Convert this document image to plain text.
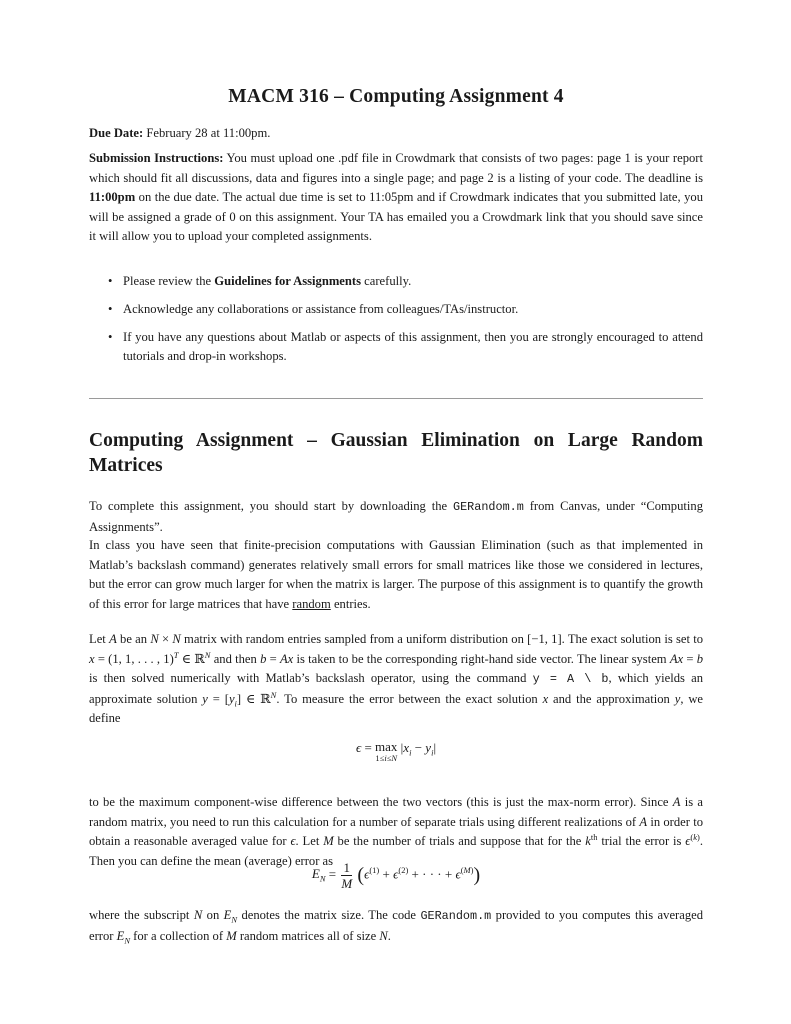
MACM 316 – Computing Assignment 4
Due Date: February 28 at 11:00pm.
Submission Instructions: You must upload one .pdf file in Crowdmark that consists of two pages: page 1 is your report which should fit all discussions, data and figures into a single page; and page 2 is a listing of your code. The deadline is 11:00pm on the due date. The actual due time is set to 11:05pm and if Crowdmark indicates that you submitted late, you will be assigned a grade of 0 on this assignment. Your TA has emailed you a Crowdmark link that you should save since it will allow you to upload your completed assignments.
• Please review the Guidelines for Assignments carefully.
• Acknowledge any collaborations or assistance from colleagues/TAs/instructor.
• If you have any questions about Matlab or aspects of this assignment, then you are strongly encouraged to attend tutorials and drop-in workshops.
Computing Assignment – Gaussian Elimination on Large Random Matrices
To complete this assignment, you should start by downloading the GERandom.m from Canvas, under “Computing Assignments”.
In class you have seen that finite-precision computations with Gaussian Elimination (such as that implemented in Matlab’s backslash command) generates relatively small errors for small matrices like those we considered in lectures, but the error can grow much larger for when the matrix is larger. The purpose of this assignment is to quantify the growth of this error for large matrices that have random entries.
Let A be an N × N matrix with random entries sampled from a uniform distribution on [−1, 1]. The exact solution is set to x = (1, 1, . . . , 1)$^T$ ∈ ℝ$^N$ and then b = Ax is taken to be the corresponding right-hand side vector. The linear system Ax = b is then solved numerically with Matlab’s backslash operator, using the command y = A \ b, which yields an approximate solution $y = [y_i]$ ∈ ℝ$^N$. To measure the error between the exact solution x and the approximation y, we define
ϵ = max
1≤i≤N
$|x_i - y_i|$
to be the maximum component-wise difference between the two vectors (this is just the max-norm error). Since A is a random matrix, you need to run this calculation for a number of separate trials using different realizations of A in order to obtain a reasonable averaged value for ϵ. Let M be the number of trials and suppose that for the $k^{th}$ trial the error is $\epsilon^{(k)}$. Then you can define the mean (average) error as
$E_N = \frac{1}{M} (\epsilon^{(1)} + \epsilon^{(2)}$ + · · · + $\epsilon^{(M)}$)
where the subscript N on $E_N$ denotes the matrix size. The code GERandom.m provided to you computes this averaged error $E_N$ for a collection of M random matrices all of size N.
